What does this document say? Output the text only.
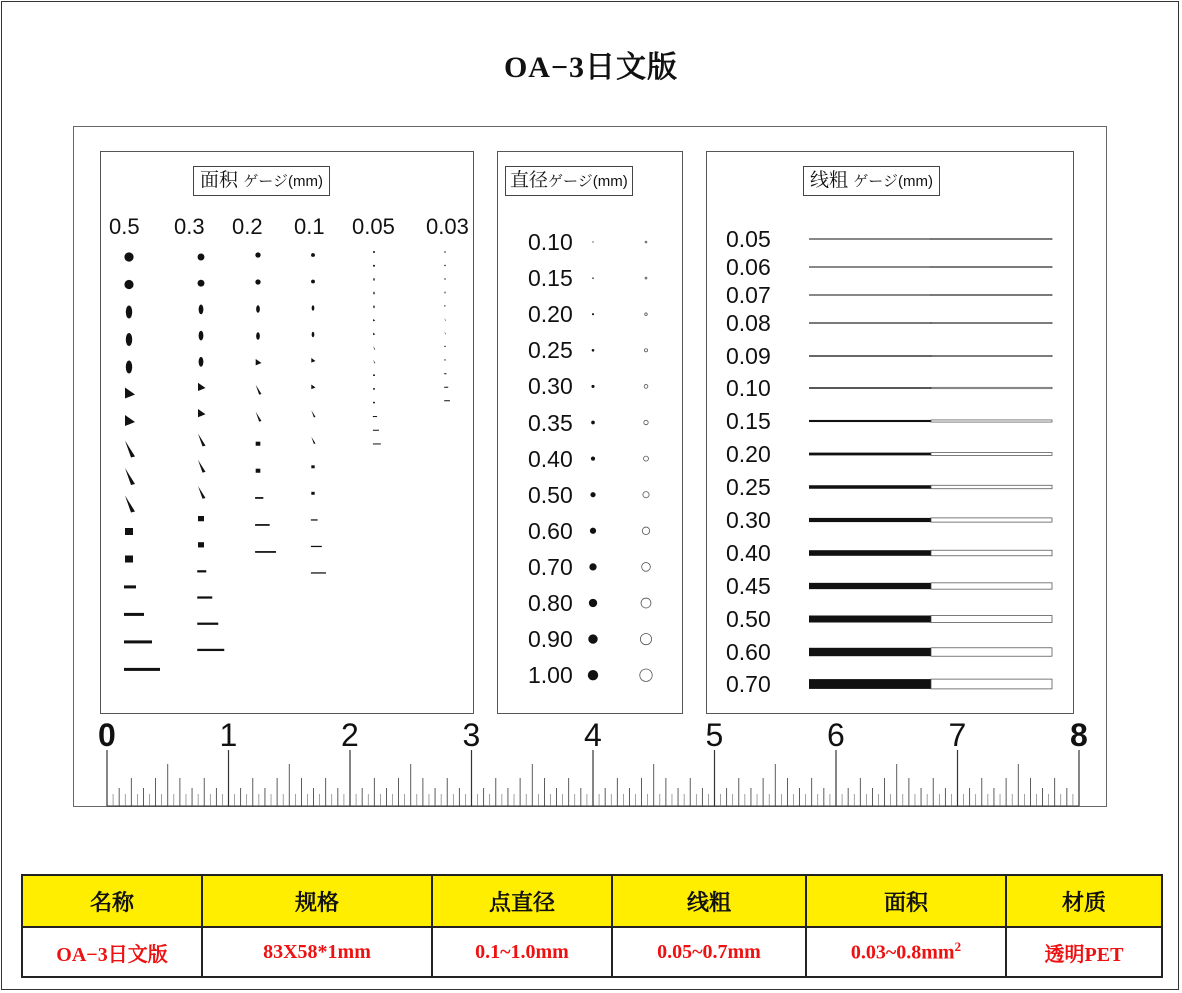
OA−3日文版
面积 ゲージ(mm)
0.5 0.3 0.2 0.1 0.05 0.03
直径ゲージ(mm)
0.10
0.15
0.20
0.25
0.30
0.35
0.40
0.50
0.60
0.70
0.80
0.90
1.00
线粗 ゲージ(mm)
0.05
0.06
0.07
0.08
0.09
0.10
0.15
0.20
0.25
0.30
0.40
0.45
0.50
0.60
0.70
0	1	2	3	4	5	6	7	8
名称	规格	点直径	线粗	面积	材质
OA−3日文版	83X58*1mm	0.1~1.0mm	0.05~0.7mm	$0.03\sim 0.8mm^2$	透明PET
